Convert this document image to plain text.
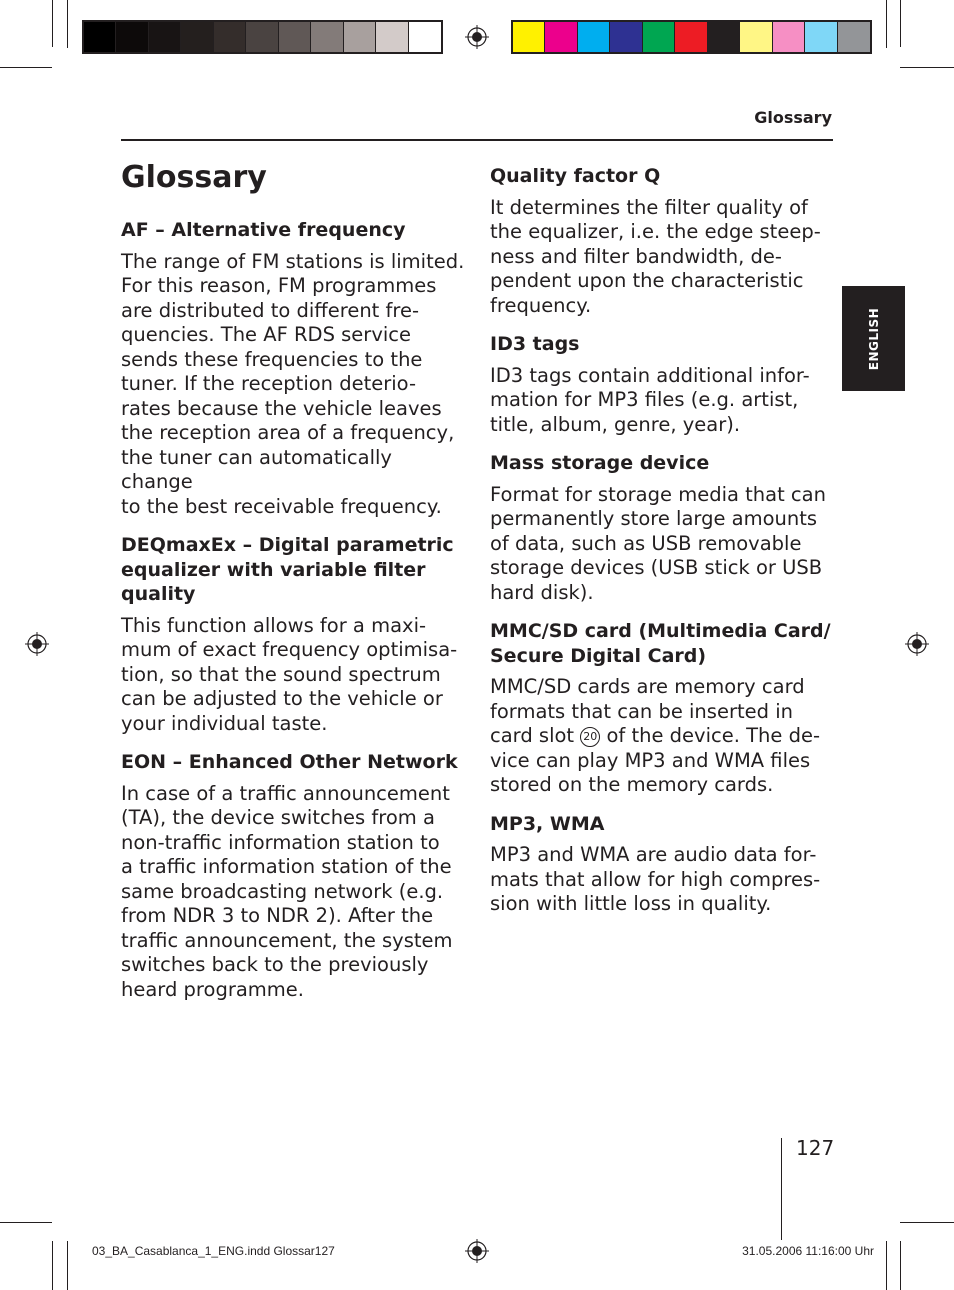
Glossary
ENGLISH
Glossary
AF – Alternative frequency
The range of FM stations is limited.
For this reason, FM programmes
are distributed to different fre-
quencies. The AF RDS service
sends these frequencies to the
tuner. If the reception deterio-
rates because the vehicle leaves
the reception area of a frequency,
the tuner can automatically change
to the best receivable frequency.
DEQmaxEx – Digital parametric equalizer with variable filter quality
This function allows for a maxi-
mum of exact frequency optimisa-
tion, so that the sound spectrum
can be adjusted to the vehicle or
your individual taste.
EON – Enhanced Other Network
In case of a traffic announcement
(TA), the device switches from a
non-traffic information station to
a traffic information station of the
same broadcasting network (e.g.
from NDR 3 to NDR 2). After the
traffic announcement, the system
switches back to the previously
heard programme.
Quality factor Q
It determines the filter quality of
the equalizer, i.e. the edge steep-
ness and filter bandwidth, de-
pendent upon the characteristic
frequency.
ID3 tags
ID3 tags contain additional infor-
mation for MP3 files (e.g. artist,
title, album, genre, year).
Mass storage device
Format for storage media that can
permanently store large amounts
of data, such as USB removable
storage devices (USB stick or USB
hard disk).
MMC/SD card (Multimedia Card/ Secure Digital Card)
MMC/SD cards are memory card
formats that can be inserted in
card slot 20 of the device. The de-
vice can play MP3 and WMA files
stored on the memory cards.
MP3, WMA
MP3 and WMA are audio data for-
mats that allow for high compres-
sion with little loss in quality.
127
03_BA_Casablanca_1_ENG.indd Glossar127	31.05.2006 11:16:00 Uhr
